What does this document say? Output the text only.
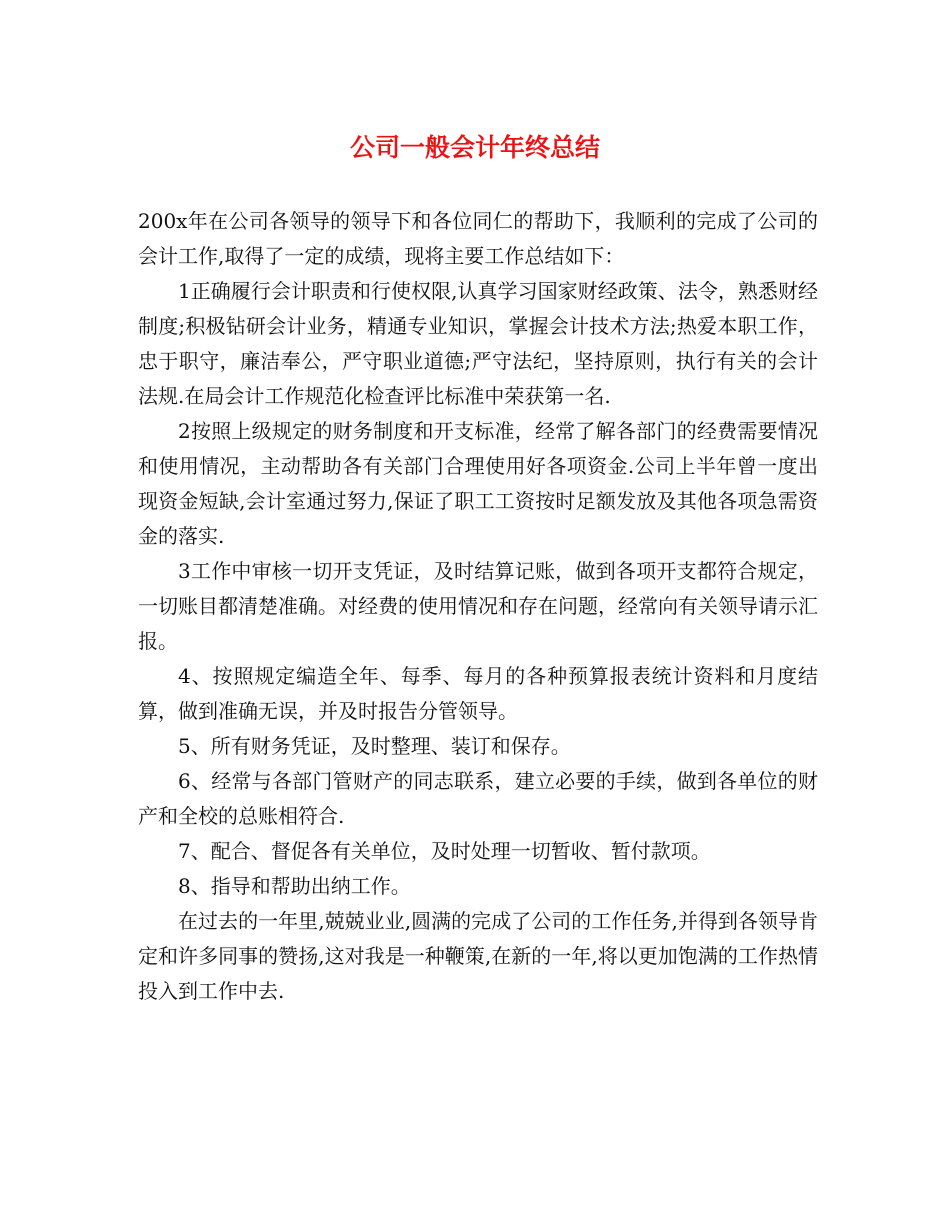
公司一般会计年终总结

200x年在公司各领导的领导下和各位同仁的帮助下，我顺利的完成了公司的会计工作,取得了一定的成绩，现将主要工作总结如下：

1正确履行会计职责和行使权限,认真学习国家财经政策、法令，熟悉财经制度;积极钻研会计业务，精通专业知识，掌握会计技术方法;热爱本职工作，忠于职守，廉洁奉公，严守职业道德;严守法纪，坚持原则，执行有关的会计法规.在局会计工作规范化检查评比标准中荣获第一名.

2按照上级规定的财务制度和开支标准，经常了解各部门的经费需要情况和使用情况，主动帮助各有关部门合理使用好各项资金.公司上半年曾一度出现资金短缺,会计室通过努力,保证了职工工资按时足额发放及其他各项急需资金的落实.

3工作中审核一切开支凭证，及时结算记账，做到各项开支都符合规定，一切账目都清楚准确。对经费的使用情况和存在问题，经常向有关领导请示汇报。

4、按照规定编造全年、每季、每月的各种预算报表统计资料和月度结算，做到准确无误，并及时报告分管领导。

5、所有财务凭证，及时整理、装订和保存。

6、经常与各部门管财产的同志联系，建立必要的手续，做到各单位的财产和全校的总账相符合.

7、配合、督促各有关单位，及时处理一切暂收、暂付款项。

8、指导和帮助出纳工作。

在过去的一年里,兢兢业业,圆满的完成了公司的工作任务,并得到各领导肯定和许多同事的赞扬,这对我是一种鞭策,在新的一年,将以更加饱满的工作热情投入到工作中去.
